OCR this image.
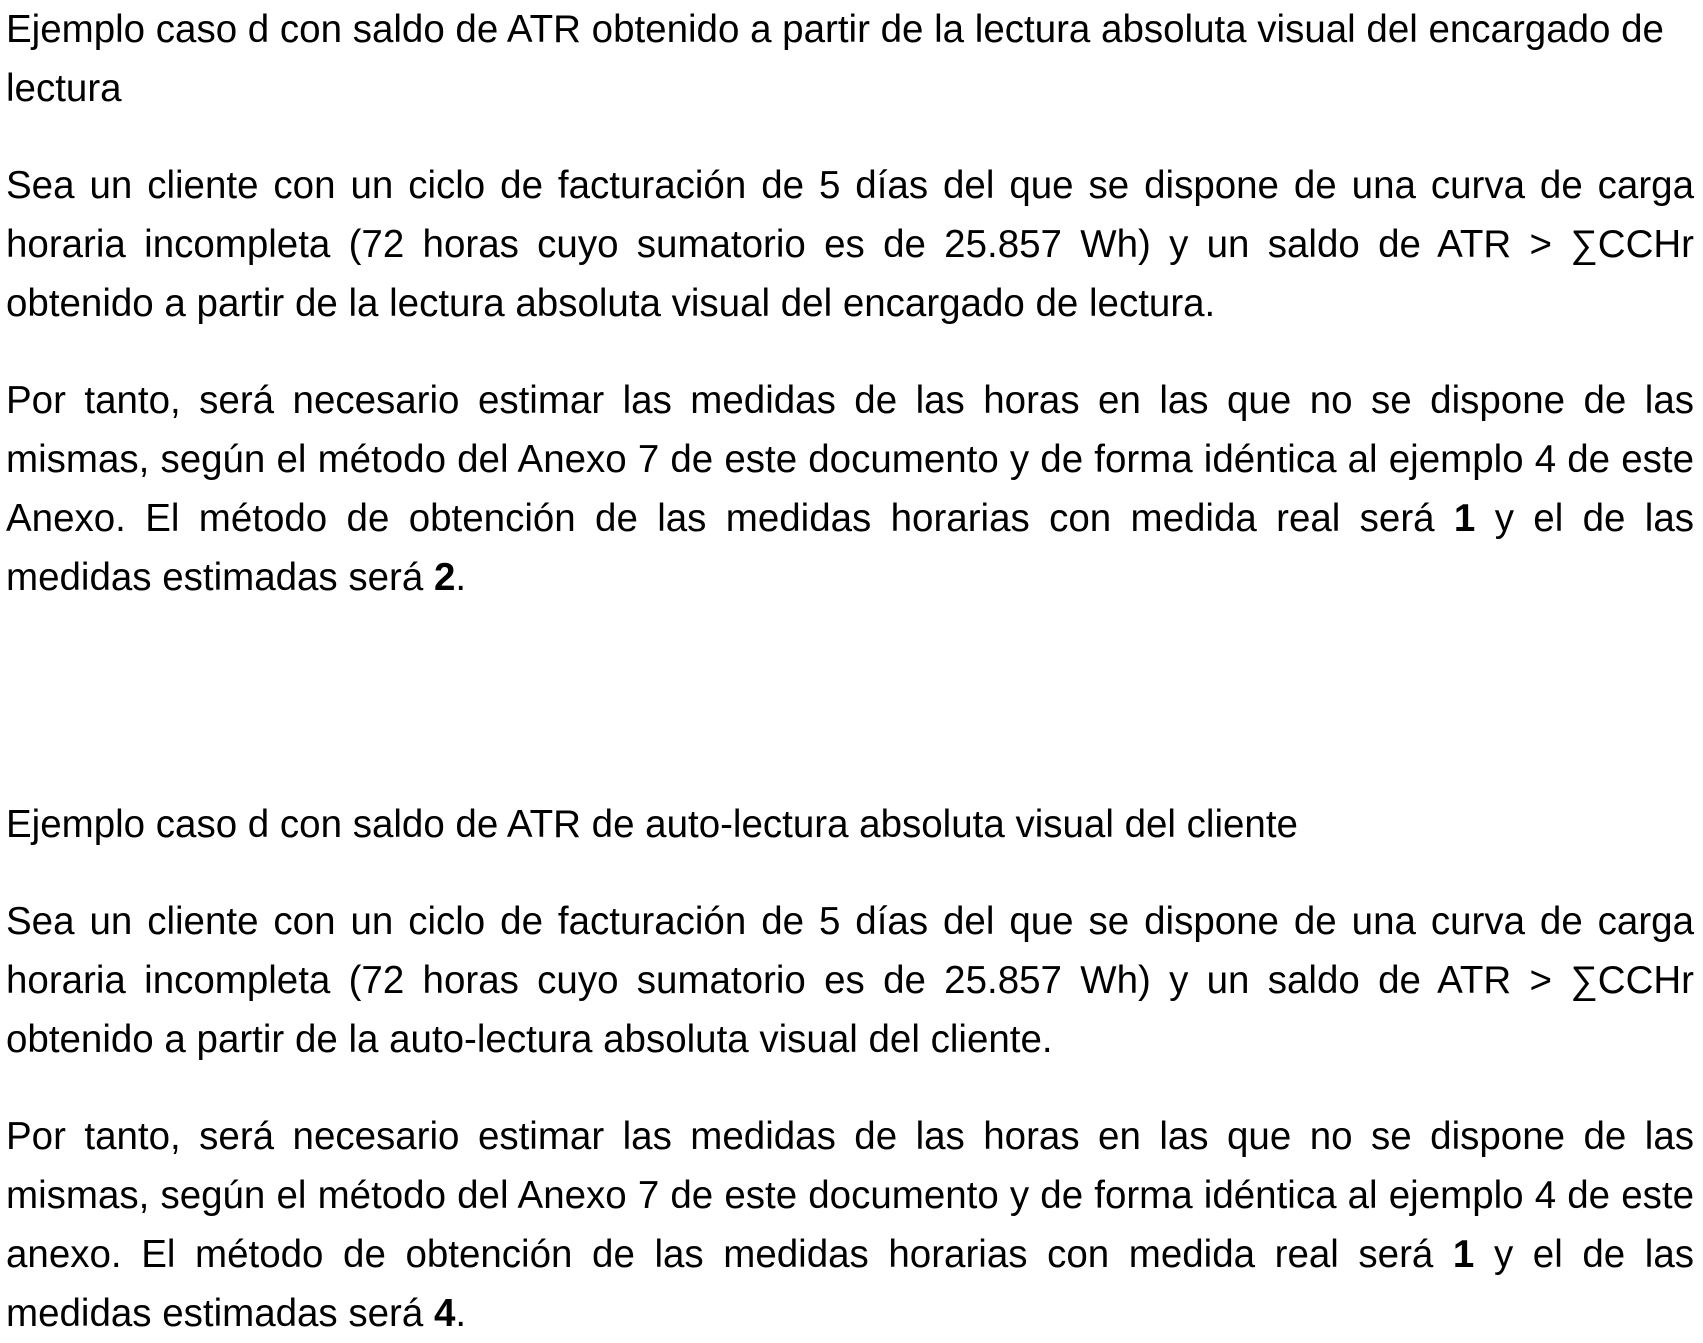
Ejemplo caso d con saldo de ATR obtenido a partir de la lectura absoluta visual del encargado de lectura

Sea un cliente con un ciclo de facturación de 5 días del que se dispone de una curva de carga horaria incompleta (72 horas cuyo sumatorio es de 25.857 Wh) y un saldo de ATR > ∑CCHr obtenido a partir de la lectura absoluta visual del encargado de lectura.

Por tanto, será necesario estimar las medidas de las horas en las que no se dispone de las mismas, según el método del Anexo 7 de este documento y de forma idéntica al ejemplo 4 de este Anexo. El método de obtención de las medidas horarias con medida real será 1 y el de las medidas estimadas será 2.

Ejemplo caso d con saldo de ATR de auto-lectura absoluta visual del cliente

Sea un cliente con un ciclo de facturación de 5 días del que se dispone de una curva de carga horaria incompleta (72 horas cuyo sumatorio es de 25.857 Wh) y un saldo de ATR > ∑CCHr obtenido a partir de la auto-lectura absoluta visual del cliente.

Por tanto, será necesario estimar las medidas de las horas en las que no se dispone de las mismas, según el método del Anexo 7 de este documento y de forma idéntica al ejemplo 4 de este anexo. El método de obtención de las medidas horarias con medida real será 1 y el de las medidas estimadas será 4.
